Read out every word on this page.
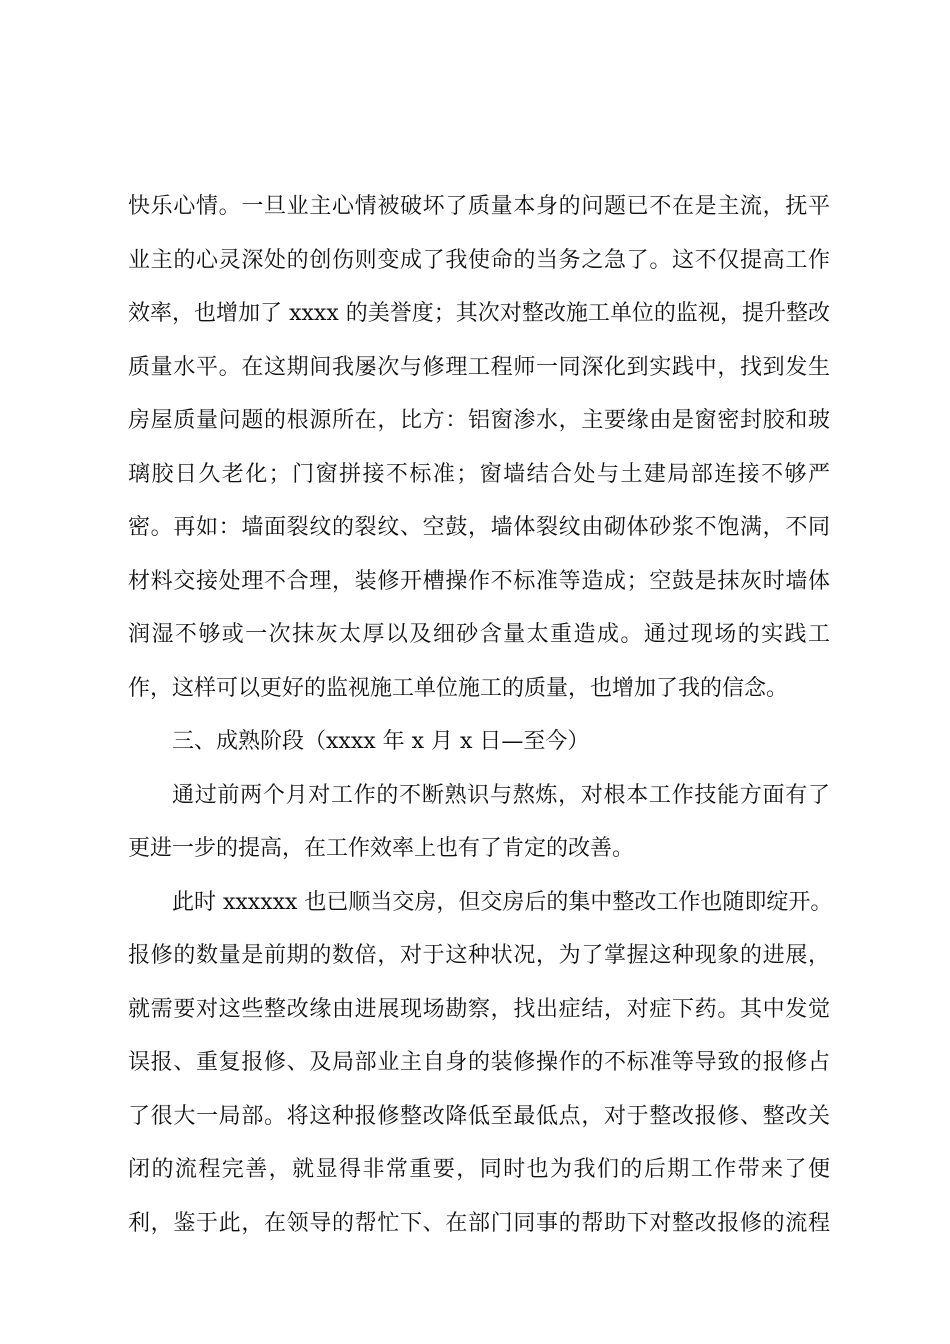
快乐心情。一旦业主心情被破坏了质量本身的问题已不在是主流，抚平
业主的心灵深处的创伤则变成了我使命的当务之急了。这不仅提高工作
效率，也增加了 xxxx 的美誉度；其次对整改施工单位的监视，提升整改
质量水平。在这期间我屡次与修理工程师一同深化到实践中，找到发生
房屋质量问题的根源所在，比方：铝窗渗水，主要缘由是窗密封胶和玻
璃胶日久老化；门窗拼接不标准；窗墙结合处与土建局部连接不够严
密。再如：墙面裂纹的裂纹、空鼓，墙体裂纹由砌体砂浆不饱满，不同
材料交接处理不合理，装修开槽操作不标准等造成；空鼓是抹灰时墙体
润湿不够或一次抹灰太厚以及细砂含量太重造成。通过现场的实践工
作，这样可以更好的监视施工单位施工的质量，也增加了我的信念。
三、成熟阶段（xxxx 年 x 月 x 日—至今）
通过前两个月对工作的不断熟识与熬炼，对根本工作技能方面有了
更进一步的提高，在工作效率上也有了肯定的改善。
此时 xxxxxx 也已顺当交房，但交房后的集中整改工作也随即绽开。
报修的数量是前期的数倍，对于这种状况，为了掌握这种现象的进展，
就需要对这些整改缘由进展现场勘察，找出症结，对症下药。其中发觉
误报、重复报修、及局部业主自身的装修操作的不标准等导致的报修占
了很大一局部。将这种报修整改降低至最低点，对于整改报修、整改关
闭的流程完善，就显得非常重要，同时也为我们的后期工作带来了便
利，鉴于此，在领导的帮忙下、在部门同事的帮助下对整改报修的流程
